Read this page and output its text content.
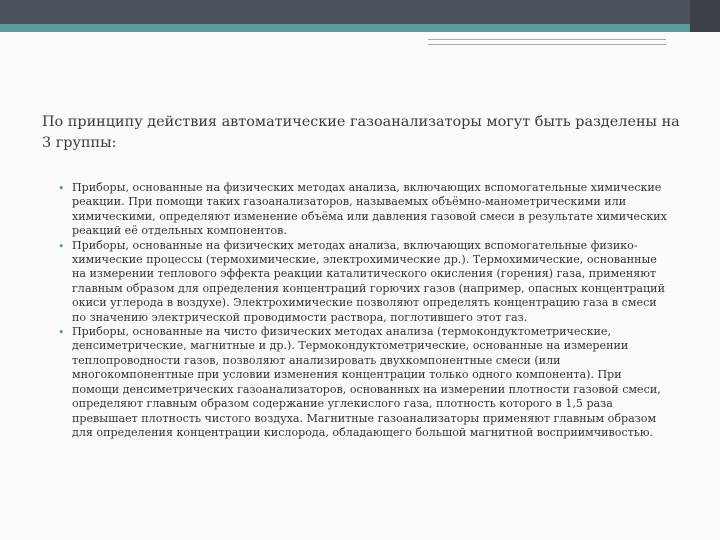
По принципу действия автоматические газоанализаторы могут быть разделены на 3 группы:
• Приборы, основанные на физических методах анализа, включающих вспомогательные химические реакции. При помощи таких газоанализаторов, называемых объёмно-манометрическими или химическими, определяют изменение объёма или давления газовой смеси в результате химических реакций её отдельных компонентов.
• Приборы, основанные на физических методах анализа, включающих вспомогательные физико-химические процессы (термохимические, электрохимические др.). Термохимические, основанные на измерении теплового эффекта реакции каталитического окисления (горения) газа, применяют главным образом для определения концентраций горючих газов (например, опасных концентраций окиси углерода в воздухе). Электрохимические позволяют определять концентрацию газа в смеси по значению электрической проводимости раствора, поглотившего этот газ.
• Приборы, основанные на чисто физических методах анализа (термокондуктометрические, денсиметрические, магнитные и др.). Термокондуктометрические, основанные на измерении теплопроводности газов, позволяют анализировать двухкомпонентные смеси (или многокомпонентные при условии изменения концентрации только одного компонента). При помощи денсиметрических газоанализаторов, основанных на измерении плотности газовой смеси, определяют главным образом содержание углекислого газа, плотность которого в 1,5 раза превышает плотность чистого воздуха. Магнитные газоанализаторы применяют главным образом для определения концентрации кислорода, обладающего большой магнитной восприимчивостью.
